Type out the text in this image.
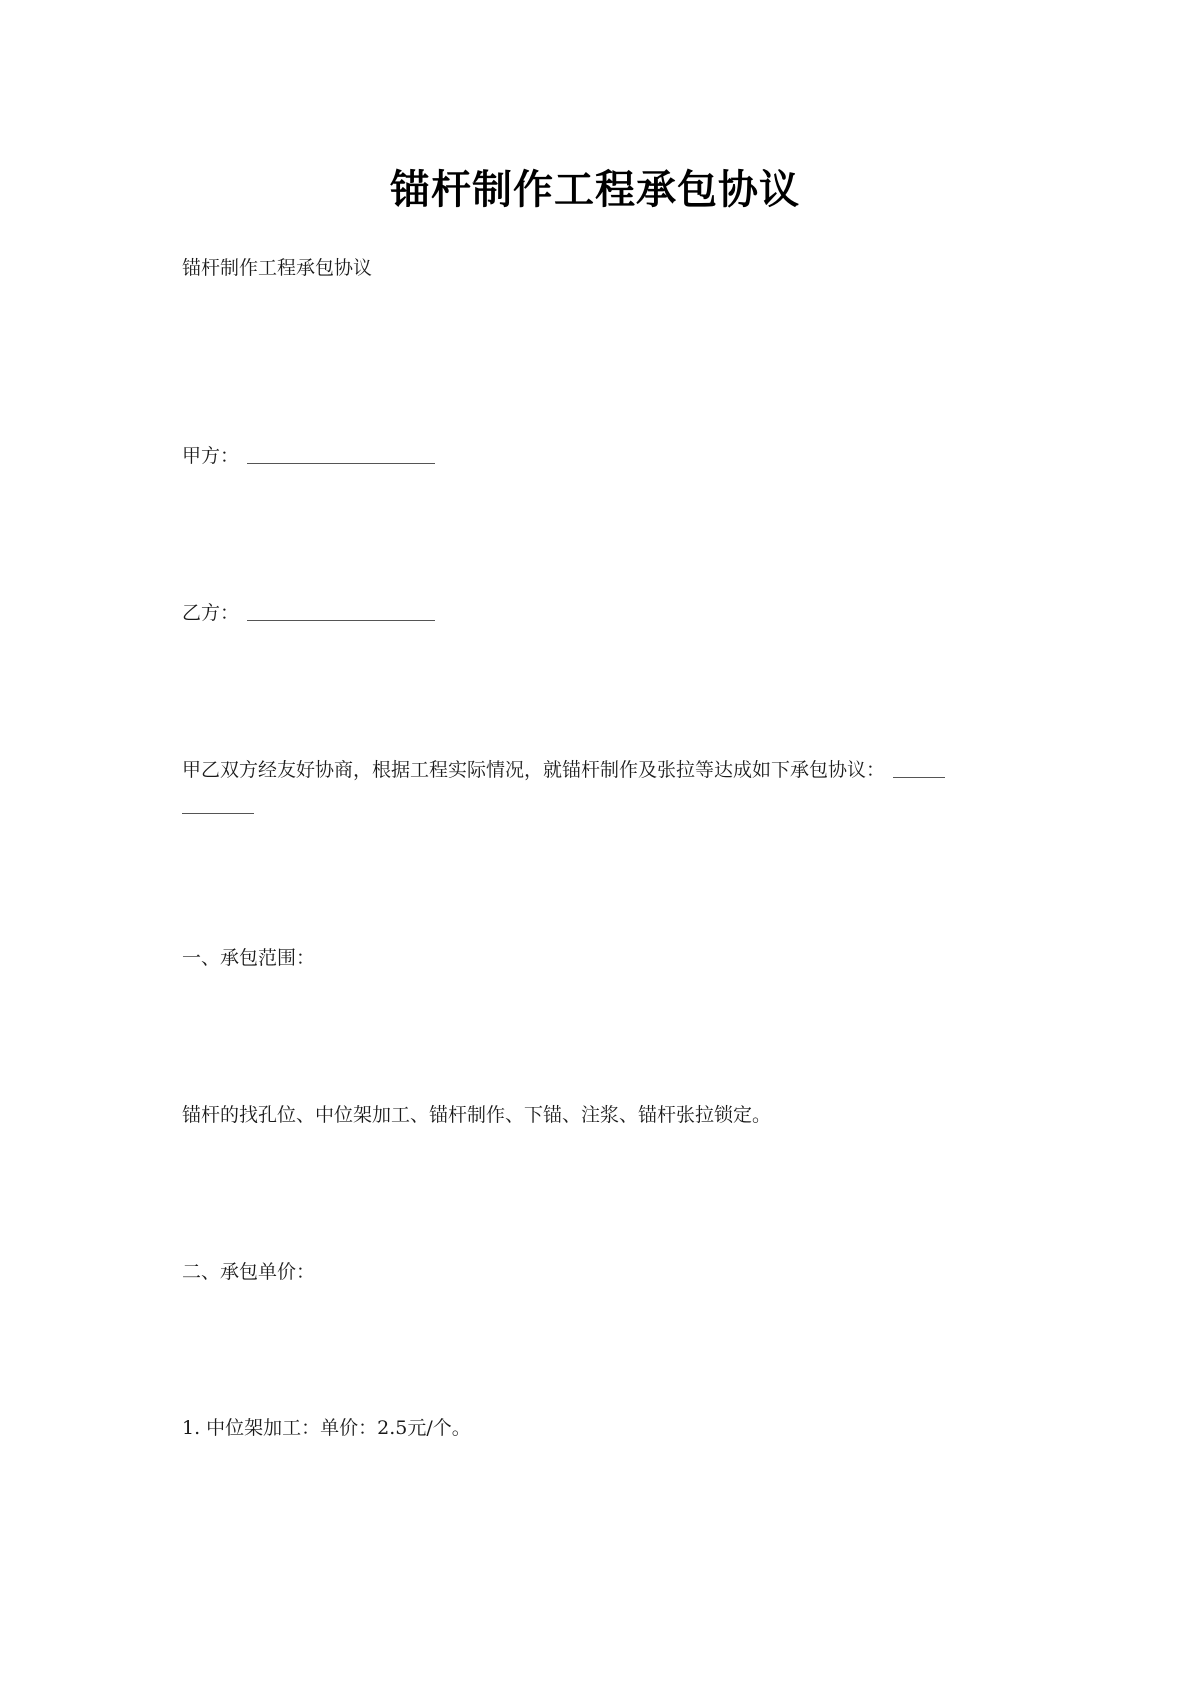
锚杆制作工程承包协议
锚杆制作工程承包协议
甲方：
乙方：
甲乙双方经友好协商，根据工程实际情况，就锚杆制作及张拉等达成如下承包协议：
一、承包范围：
锚杆的找孔位、中位架加工、锚杆制作、下锚、注浆、锚杆张拉锁定。
二、承包单价：
1. 中位架加工：单价：2.5元/个。
